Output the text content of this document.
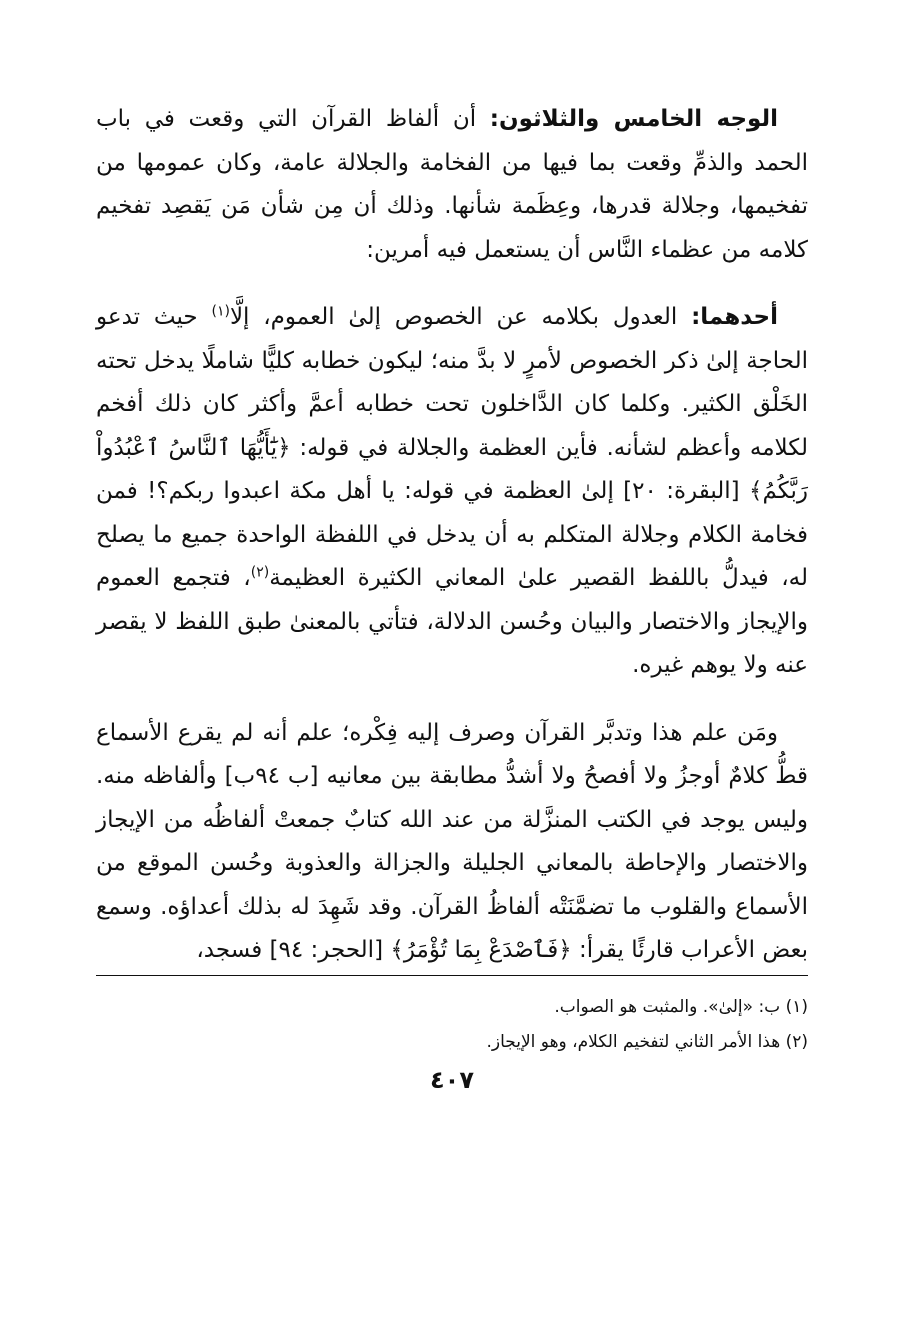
الوجه الخامس والثلاثون: أن ألفاظ القرآن التي وقعت في باب الحمد والذمِّ وقعت بما فيها من الفخامة والجلالة عامة، وكان عمومها من تفخيمها، وجلالة قدرها، وعِظَمة شأنها. وذلك أن مِن شأن مَن يَقصِد تفخيم كلامه من عظماء النَّاس أن يستعمل فيه أمرين:

أحدهما: العدول بكلامه عن الخصوص إلىٰ العموم، إلَّا$^{(١)}$ حيث تدعو الحاجة إلىٰ ذكر الخصوص لأمرٍ لا بدَّ منه؛ ليكون خطابه كليًّا شاملًا يدخل تحته الخَلْق الكثير. وكلما كان الدَّاخلون تحت خطابه أعمَّ وأكثر كان ذلك أفخم لكلامه وأعظم لشأنه. فأين العظمة والجلالة في قوله: ﴿يَٰٓأَيُّهَا ٱلنَّاسُ ٱعْبُدُواْ رَبَّكُمُ﴾ [البقرة: ٢٠] إلىٰ العظمة في قوله: يا أهل مكة اعبدوا ربكم؟! فمن فخامة الكلام وجلالة المتكلم به أن يدخل في اللفظة الواحدة جميع ما يصلح له، فيدلُّ باللفظ القصير علىٰ المعاني الكثيرة العظيمة$^{(٢)}$، فتجمع العموم والإيجاز والاختصار والبيان وحُسن الدلالة، فتأتي بالمعنىٰ طبق اللفظ لا يقصر عنه ولا يوهم غيره.

ومَن علم هذا وتدبَّر القرآن وصرف إليه فِكْره؛ علم أنه لم يقرع الأسماع قطُّ كلامٌ أوجزُ ولا أفصحُ ولا أشدُّ مطابقة بين معانيه [ب ٩٤ب] وألفاظه منه. وليس يوجد في الكتب المنزَّلة من عند الله كتابٌ جمعتْ ألفاظُه من الإيجاز والاختصار والإحاطة بالمعاني الجليلة والجزالة والعذوبة وحُسن الموقع من الأسماع والقلوب ما تضمَّنَتْه ألفاظُ القرآن. وقد شَهِدَ له بذلك أعداؤه. وسمع بعض الأعراب قارئًا يقرأ: ﴿فَٱصْدَعْ بِمَا تُؤْمَرُ﴾ [الحجر: ٩٤] فسجد،

(١) ب: «إلىٰ». والمثبت هو الصواب.
(٢) هذا الأمر الثاني لتفخيم الكلام، وهو الإيجاز.
٤٠٧
